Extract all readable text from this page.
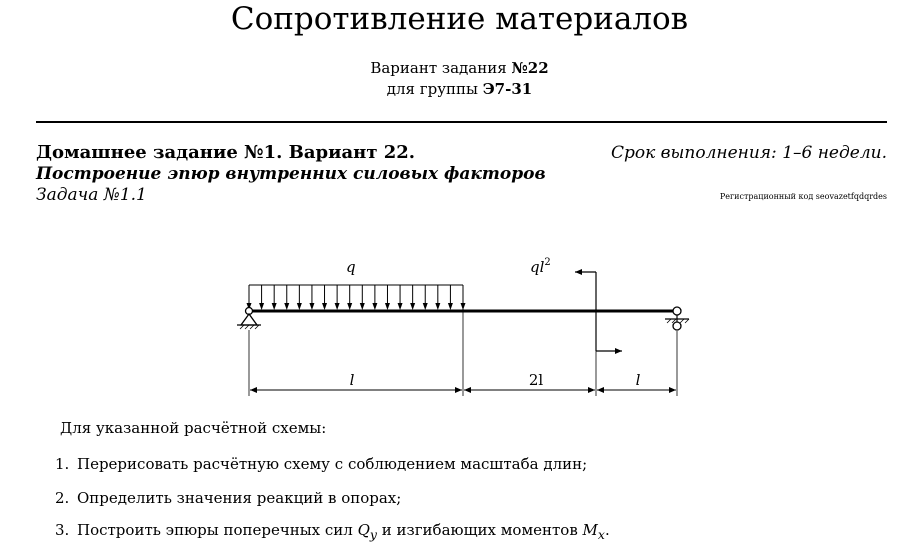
Сопротивление материалов
Вариант задания №22
для группы Э7-31
Домашнее задание №1. Вариант 22.	Срок выполнения: 1–6 недели.
Построение эпюр внутренних силовых факторов
Задача №1.1	Регистрационный код seovazetfqdqrdes
q	$ql^2$
l	2l	l
Для указанной расчётной схемы:
1. Перерисовать расчётную схему с соблюдением масштаба длин;
2. Определить значения реакций в опорах;
3. Построить эпюры поперечных сил $Q_y$ и изгибающих моментов $M_x$.
